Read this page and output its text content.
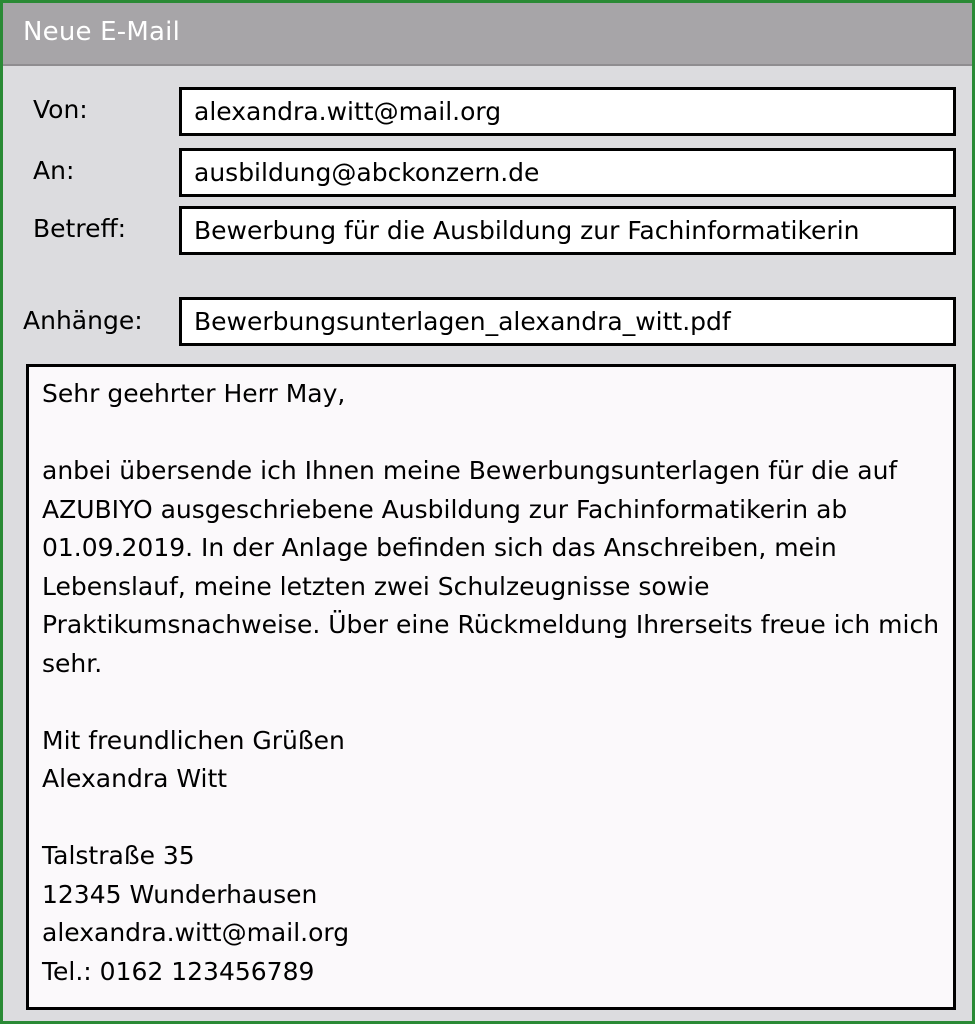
Neue E-Mail
Von:	alexandra.witt@mail.org
An:	ausbildung@abckonzern.de
Betreff:	Bewerbung für die Ausbildung zur Fachinformatikerin
Anhänge:	Bewerbungsunterlagen_alexandra_witt.pdf

Sehr geehrter Herr May,

anbei übersende ich Ihnen meine Bewerbungsunterlagen für die auf AZUBIYO ausgeschriebene Ausbildung zur Fachinformatikerin ab 01.09.2019. In der Anlage befinden sich das Anschreiben, mein Lebenslauf, meine letzten zwei Schulzeugnisse sowie Praktikumsnachweise. Über eine Rückmeldung Ihrerseits freue ich mich sehr.

Mit freundlichen Grüßen

Alexandra Witt

Talstraße 35

12345 Wunderhausen

alexandra.witt@mail.org

Tel.: 0162 123456789
